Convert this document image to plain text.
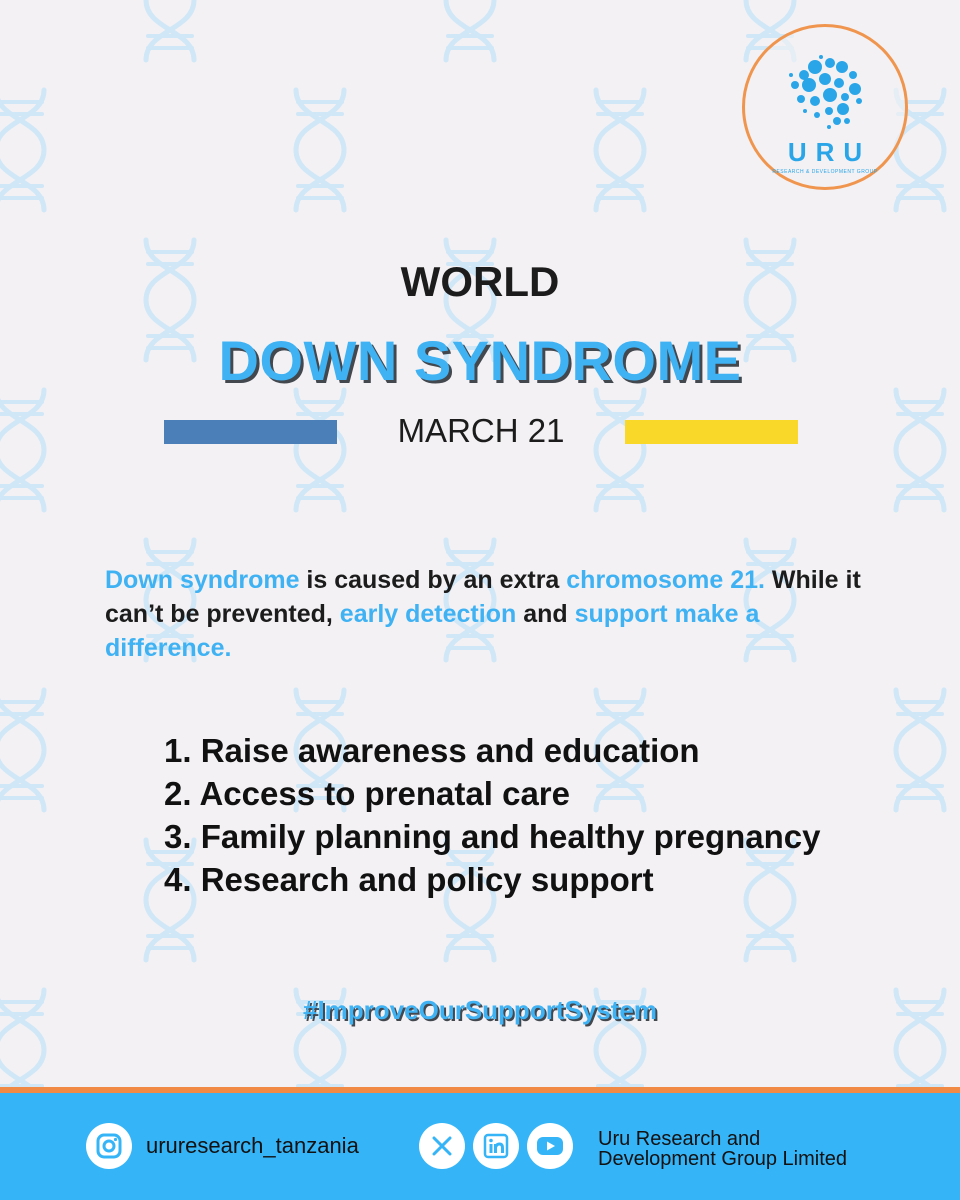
URU
RESEARCH & DEVELOPMENT GROUP
WORLD
DOWN SYNDROME
MARCH 21
Down syndrome is caused by an extra chromosome 21. While it can’t be prevented, early detection and support make a difference.
1. Raise awareness and education
2. Access to prenatal care
3. Family planning and healthy pregnancy
4. Research and policy support
#ImproveOurSupportSystem
ururesearch_tanzania	Uru Research and
Development Group Limited
